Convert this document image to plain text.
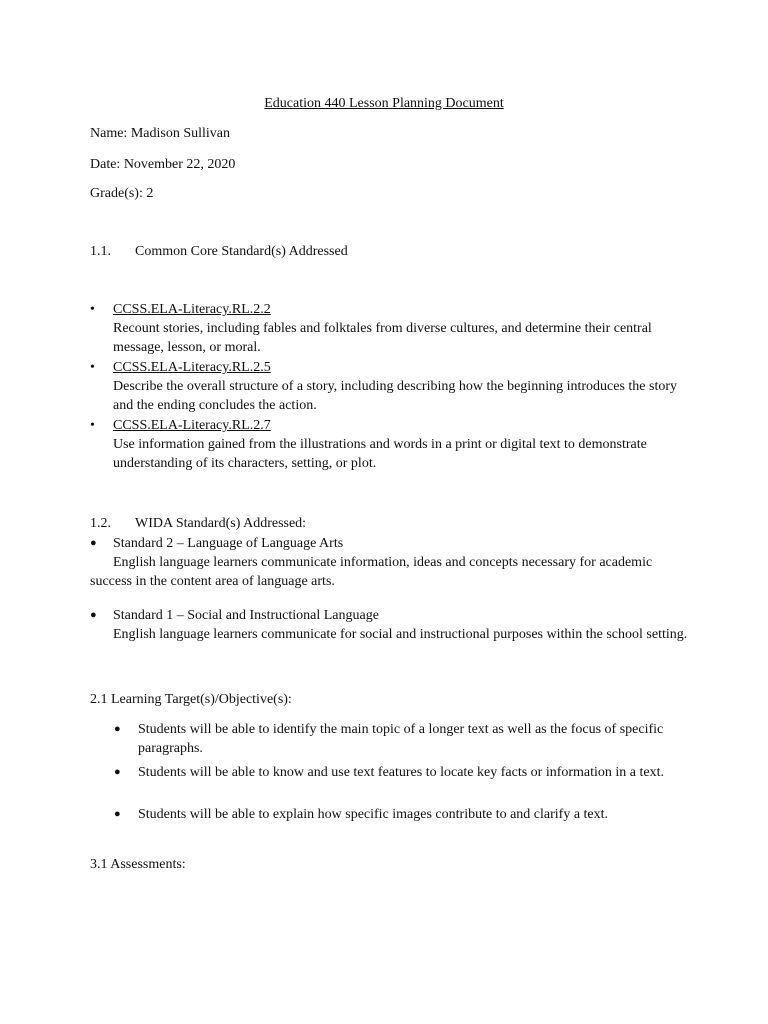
Education 440 Lesson Planning Document
Name: Madison Sullivan
Date: November 22, 2020
Grade(s): 2
1.1. Common Core Standard(s) Addressed
•	CCSS.ELA-Literacy.RL.2.2
Recount stories, including fables and folktales from diverse cultures, and determine their central message, lesson, or moral.
•	CCSS.ELA-Literacy.RL.2.5
Describe the overall structure of a story, including describing how the beginning introduces the story and the ending concludes the action.
•	CCSS.ELA-Literacy.RL.2.7
Use information gained from the illustrations and words in a print or digital text to demonstrate understanding of its characters, setting, or plot.
1.2. WIDA Standard(s) Addressed:
●	Standard 2 – Language of Language Arts
English language learners communicate information, ideas and concepts necessary for academic success in the content area of language arts.
●	Standard 1 – Social and Instructional Language
English language learners communicate for social and instructional purposes within the school setting.
2.1 Learning Target(s)/Objective(s):
●	Students will be able to identify the main topic of a longer text as well as the focus of specific paragraphs.
●	Students will be able to know and use text features to locate key facts or information in a text.
●	Students will be able to explain how specific images contribute to and clarify a text.
3.1 Assessments:
